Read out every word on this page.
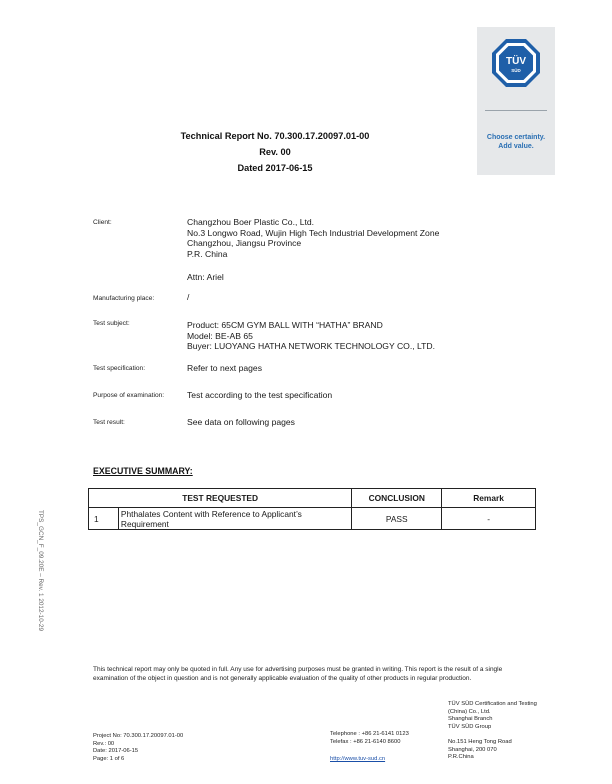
TÜV
SÜD
Choose certainty.
Add value.
Technical Report No. 70.300.17.20097.01-00
Rev. 00
Dated 2017-06-15
Client:	Changzhou Boer Plastic Co., Ltd.
No.3 Longwo Road, Wujin High Tech Industrial Development Zone
Changzhou, Jiangsu Province
P.R. China
Attn: Ariel
Manufacturing place:	/
Test subject:	Product: 65CM GYM BALL WITH “HATHA” BRAND
Model: BE-AB 65
Buyer: LUOYANG HATHA NETWORK TECHNOLOGY CO., LTD.
Test specification:	Refer to next pages
Purpose of examination:	Test according to the test specification
Test result:	See data on following pages
EXECUTIVE SUMMARY:
TEST REQUESTED		CONCLUSION	Remark
1	Phthalates Content with Reference to Applicant’s
Requirement	PASS	-
TPS_GCN_F_09.20E – Rev. 1 2012-10-29
This technical report may only be quoted in full. Any use for advertising purposes must be granted in writing. This report is the result of a single examination of the object in question and is not generally applicable evaluation of the quality of other products in regular production.
TÜV SÜD Certification and Testing
(China) Co., Ltd.
Shanghai Branch
TÜV SÜD Group
Project No: 70.300.17.20097.01-00
Rev.: 00
Date: 2017-06-15
Page: 1 of 6
Telephone : +86 21-6141 0123
Telefax : +86 21-6140 8600
http://www.tuv-sud.cn
No.151 Heng Tong Road
Shanghai, 200 070
P.R.China
